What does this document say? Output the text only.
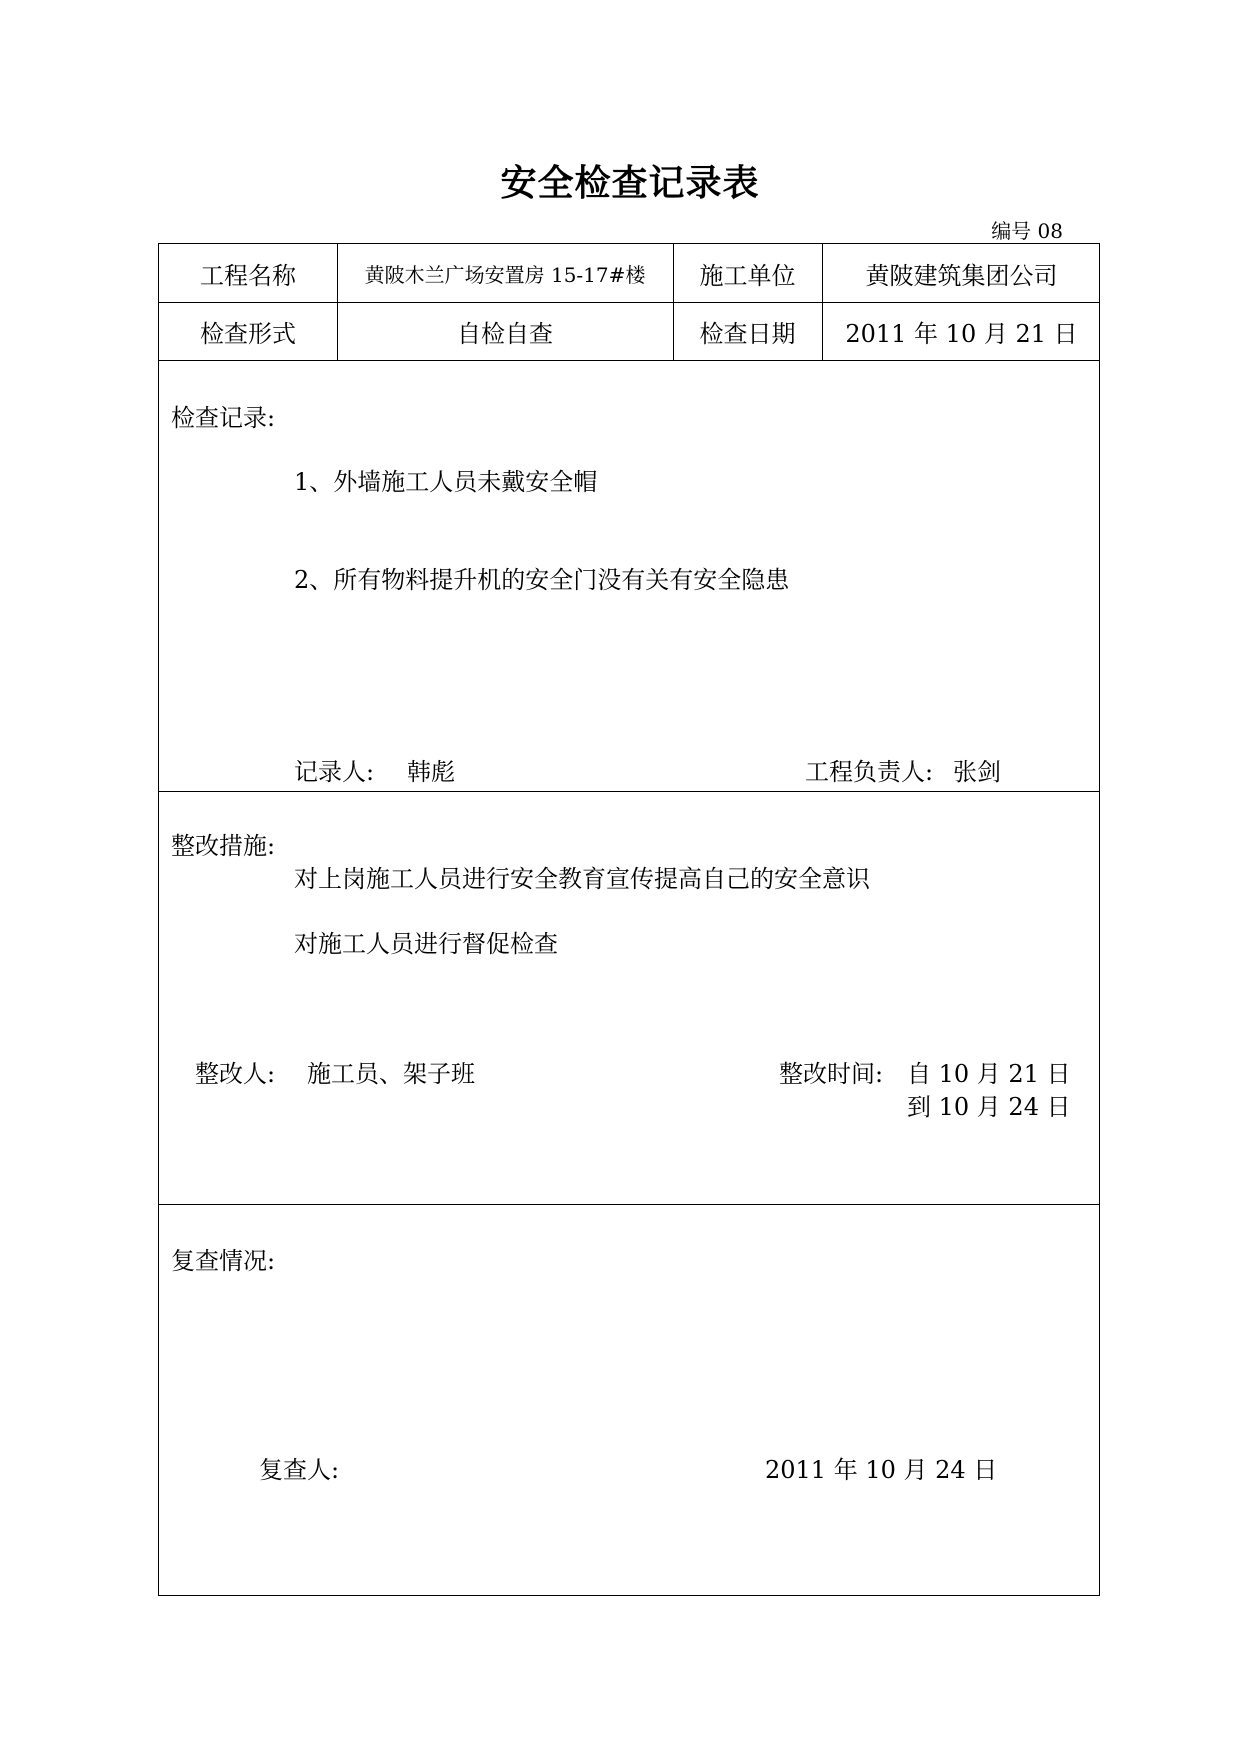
安全检查记录表
编号 08
工程名称	黄陂木兰广场安置房 15-17#楼	施工单位	黄陂建筑集团公司
检查形式	自检自查	检查日期	2011 年 10 月 21 日
检查记录:
1、外墙施工人员未戴安全帽
2、所有物料提升机的安全门没有关有安全隐患
记录人: 韩彪	工程负责人: 张剑
整改措施:
对上岗施工人员进行安全教育宣传提高自己的安全意识
对施工人员进行督促检查
整改人: 施工员、架子班	整改时间: 自 10 月 21 日
到 10 月 24 日
复查情况:
复查人:	2011 年 10 月 24 日
